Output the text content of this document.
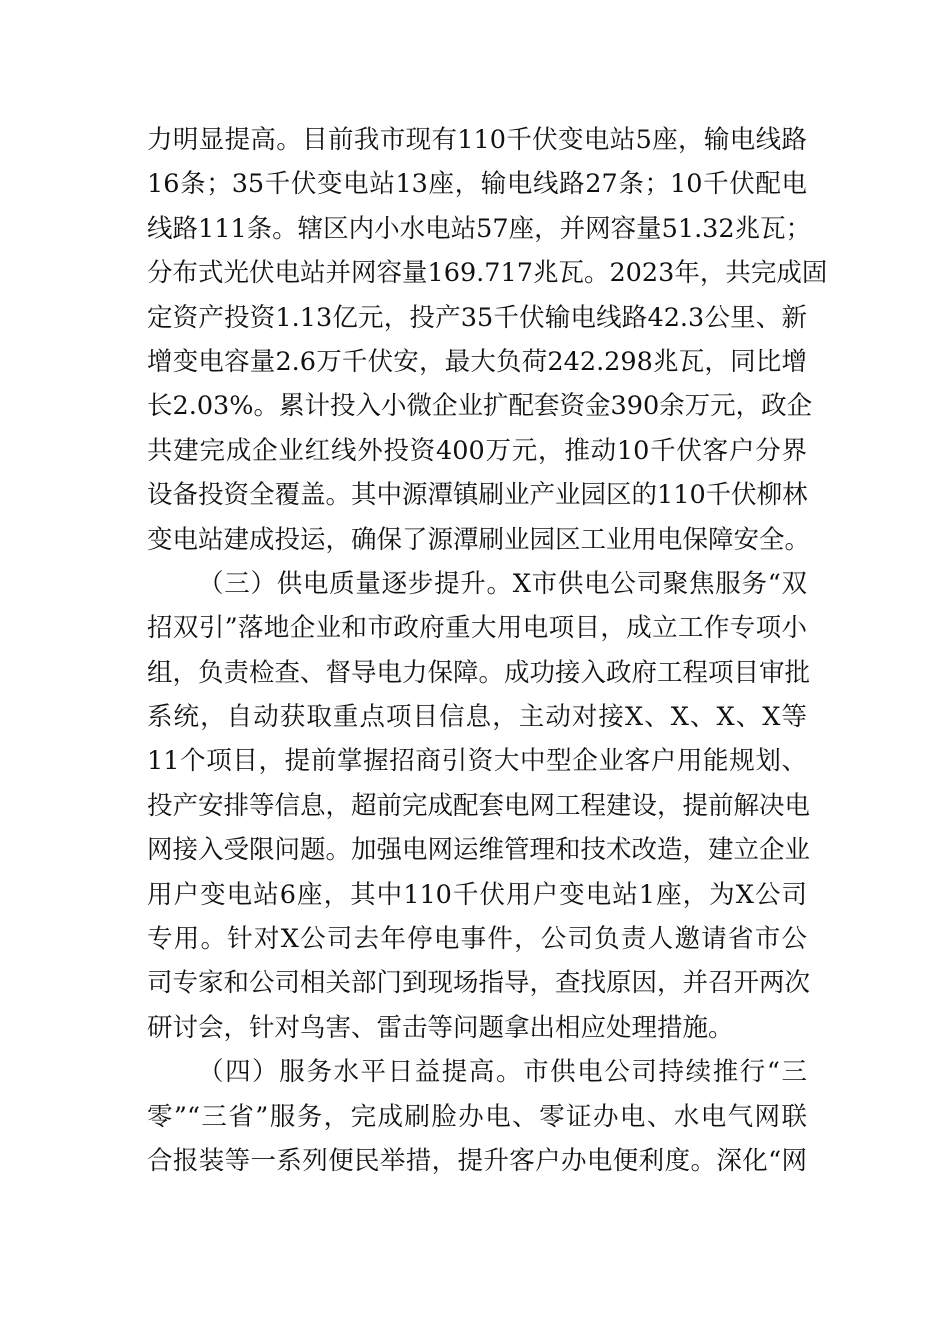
力明显提高。目前我市现有110千伏变电站5座，输电线路
16条；35千伏变电站13座，输电线路27条；10千伏配电
线路111条。辖区内小水电站57座，并网容量51.32兆瓦；
分布式光伏电站并网容量169.717兆瓦。2023年，共完成固
定资产投资1.13亿元，投产35千伏输电线路42.3公里、新
增变电容量2.6万千伏安，最大负荷242.298兆瓦，同比增
长2.03%。累计投入小微企业扩配套资金390余万元，政企
共建完成企业红线外投资400万元，推动10千伏客户分界
设备投资全覆盖。其中源潭镇刷业产业园区的110千伏柳林
变电站建成投运，确保了源潭刷业园区工业用电保障安全。
（三）供电质量逐步提升。X市供电公司聚焦服务“双
招双引”落地企业和市政府重大用电项目，成立工作专项小
组，负责检查、督导电力保障。成功接入政府工程项目审批
系统，自动获取重点项目信息，主动对接X、X、X、X等
11个项目，提前掌握招商引资大中型企业客户用能规划、
投产安排等信息，超前完成配套电网工程建设，提前解决电
网接入受限问题。加强电网运维管理和技术改造，建立企业
用户变电站6座，其中110千伏用户变电站1座，为X公司
专用。针对X公司去年停电事件，公司负责人邀请省市公
司专家和公司相关部门到现场指导，查找原因，并召开两次
研讨会，针对鸟害、雷击等问题拿出相应处理措施。
（四）服务水平日益提高。市供电公司持续推行“三
零”“三省”服务，完成刷脸办电、零证办电、水电气网联
合报装等一系列便民举措，提升客户办电便利度。深化“网
